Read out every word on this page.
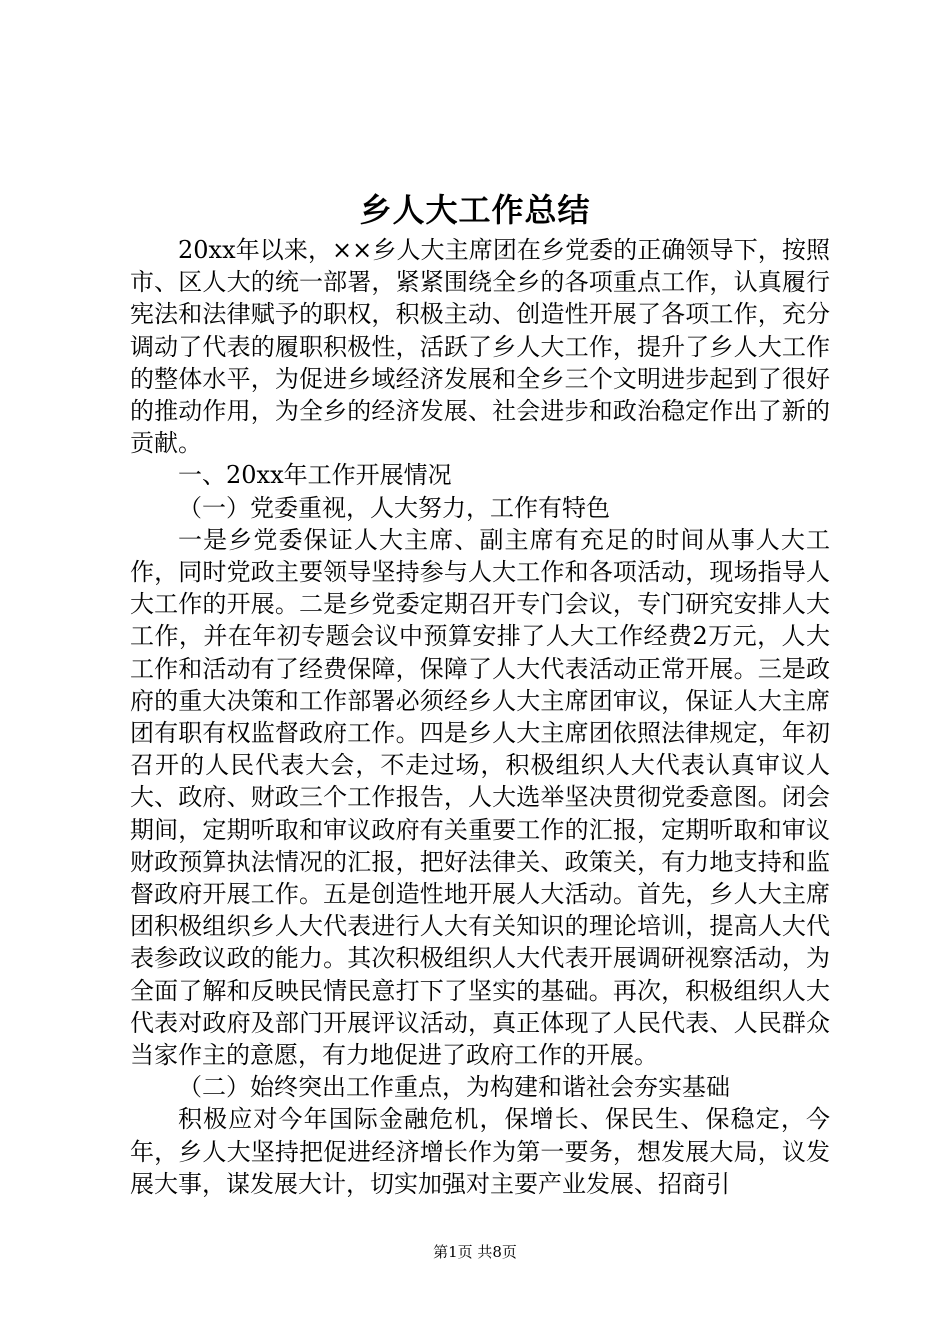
乡人大工作总结

20xx年以来，××乡人大主席团在乡党委的正确领导下，按照市、区人大的统一部署，紧紧围绕全乡的各项重点工作，认真履行宪法和法律赋予的职权，积极主动、创造性开展了各项工作，充分调动了代表的履职积极性，活跃了乡人大工作，提升了乡人大工作的整体水平，为促进乡域经济发展和全乡三个文明进步起到了很好的推动作用，为全乡的经济发展、社会进步和政治稳定作出了新的贡献。

一、20xx年工作开展情况

（一）党委重视，人大努力，工作有特色

一是乡党委保证人大主席、副主席有充足的时间从事人大工作，同时党政主要领导坚持参与人大工作和各项活动，现场指导人大工作的开展。二是乡党委定期召开专门会议，专门研究安排人大工作，并在年初专题会议中预算安排了人大工作经费2万元，人大工作和活动有了经费保障，保障了人大代表活动正常开展。三是政府的重大决策和工作部署必须经乡人大主席团审议，保证人大主席团有职有权监督政府工作。四是乡人大主席团依照法律规定，年初召开的人民代表大会，不走过场，积极组织人大代表认真审议人大、政府、财政三个工作报告，人大选举坚决贯彻党委意图。闭会期间，定期听取和审议政府有关重要工作的汇报，定期听取和审议财政预算执法情况的汇报，把好法律关、政策关，有力地支持和监督政府开展工作。五是创造性地开展人大活动。首先，乡人大主席团积极组织乡人大代表进行人大有关知识的理论培训，提高人大代表参政议政的能力。其次积极组织人大代表开展调研视察活动，为全面了解和反映民情民意打下了坚实的基础。再次，积极组织人大代表对政府及部门开展评议活动，真正体现了人民代表、人民群众当家作主的意愿，有力地促进了政府工作的开展。

（二）始终突出工作重点，为构建和谐社会夯实基础

积极应对今年国际金融危机，保增长、保民生、保稳定，今年，乡人大坚持把促进经济增长作为第一要务，想发展大局，议发展大事，谋发展大计，切实加强对主要产业发展、招商引

第1页 共8页
